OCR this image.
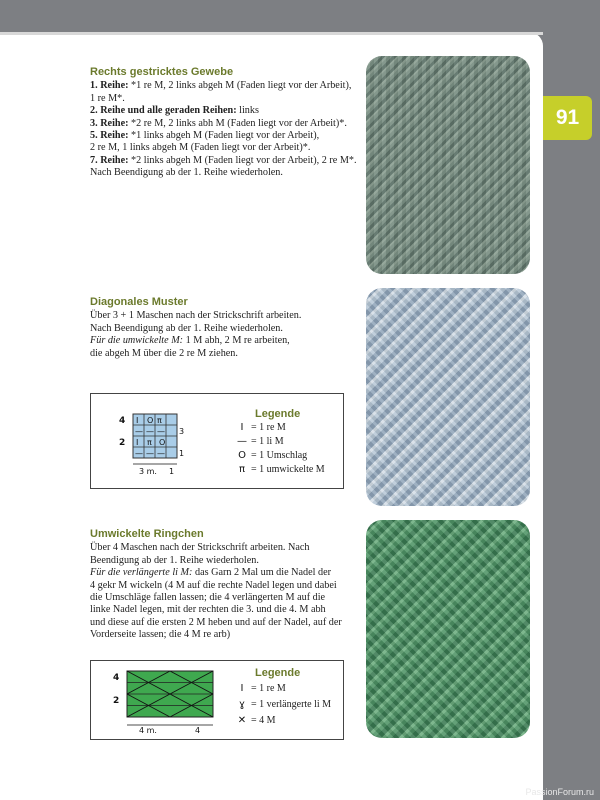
91
Rechts gestricktes Gewebe

1. Reihe: *1 re M, 2 links abgeh M (Faden liegt vor der Arbeit),

1 re M*.

2. Reihe und alle geraden Reihen: links

3. Reihe: *2 re M, 2 links abh M (Faden liegt vor der Arbeit)*.

5. Reihe: *1 links abgeh M (Faden liegt vor der Arbeit),

2 re M, 1 links abgeh M (Faden liegt vor der Arbeit)*.

7. Reihe: *2 links abgeh M (Faden liegt vor der Arbeit), 2 re M*.

Nach Beendigung ab der 1. Reihe wiederholen.

Diagonales Muster

Über 3 + 1 Maschen nach der Strickschrift arbeiten.

Nach Beendigung ab der 1. Reihe wiederholen.

Für die umwickelte M: 1 M abh, 2 M re arbeiten,

die abgeh M über die 2 re M ziehen.

I O π
— — —
I π O
— — —
4
2
3
1
3 m. 1
Legende
I = 1 re M
— = 1 li M
O = 1 Umschlag
π = 1 umwickelte M
Umwickelte Ringchen

Über 4 Maschen nach der Strickschrift arbeiten. Nach

Beendigung ab der 1. Reihe wiederholen.

Für die verlängerte li M: das Garn 2 Mal um die Nadel der

4 gekr M wickeln (4 M auf die rechte Nadel legen und dabei

die Umschläge fallen lassen; die 4 verlängerten M auf die

linke Nadel legen, mit der rechten die 3. und die 4. M abh

und diese auf die ersten 2 M heben und auf der Nadel, auf der

Vorderseite lassen; die 4 M re arb)

4
2
4 m.	4
Legende
I = 1 re M
ɣ = 1 verlängerte li M
✕ = 4 M
PassionForum.ru
